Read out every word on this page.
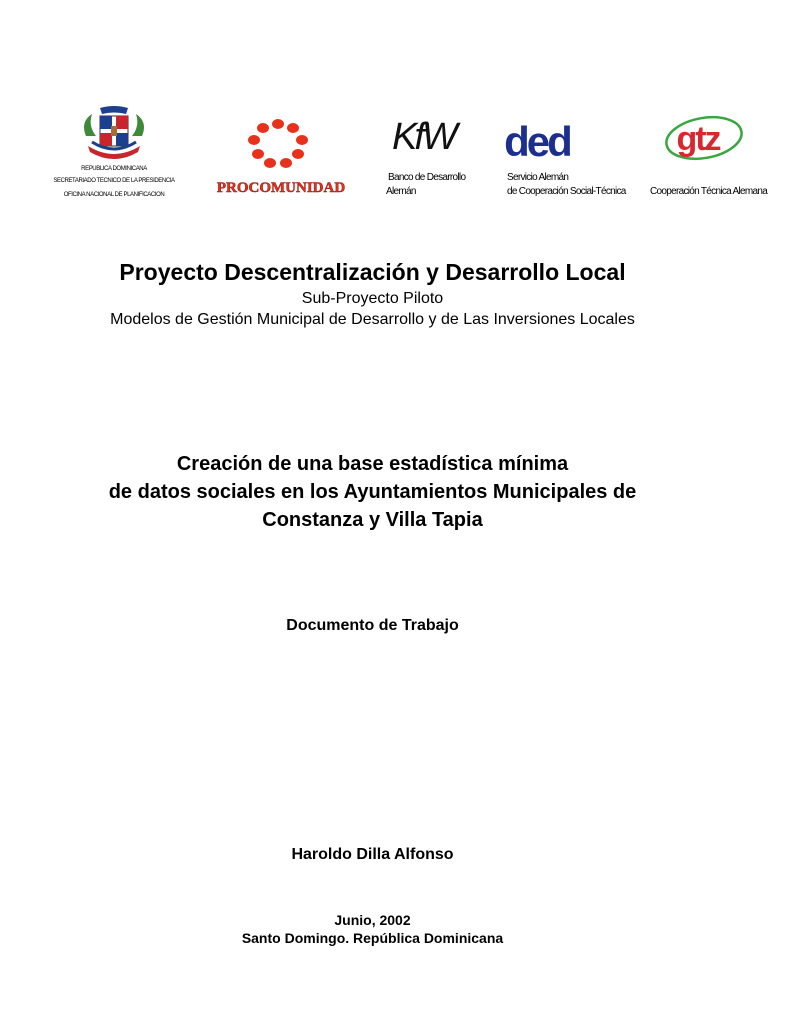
REPUBLICA DOMINICANA
SECRETARIADO TECNICO DE LA PRESIDENCIA
OFICINA NACIONAL DE PLANIFICACION	PROCOMUNIDAD
KfW
Banco de Desarrollo
Alemán
ded
Servicio Alemán
de Cooperación Social-Técnica
gtz
Cooperación Técnica Alemana
Proyecto Descentralización y Desarrollo Local
Sub-Proyecto Piloto
Modelos de Gestión Municipal de Desarrollo y de Las Inversiones Locales
Creación de una base estadística mínima
de datos sociales en los Ayuntamientos Municipales de
Constanza y Villa Tapia
Documento de Trabajo
Haroldo Dilla Alfonso
Junio, 2002
Santo Domingo. República Dominicana
